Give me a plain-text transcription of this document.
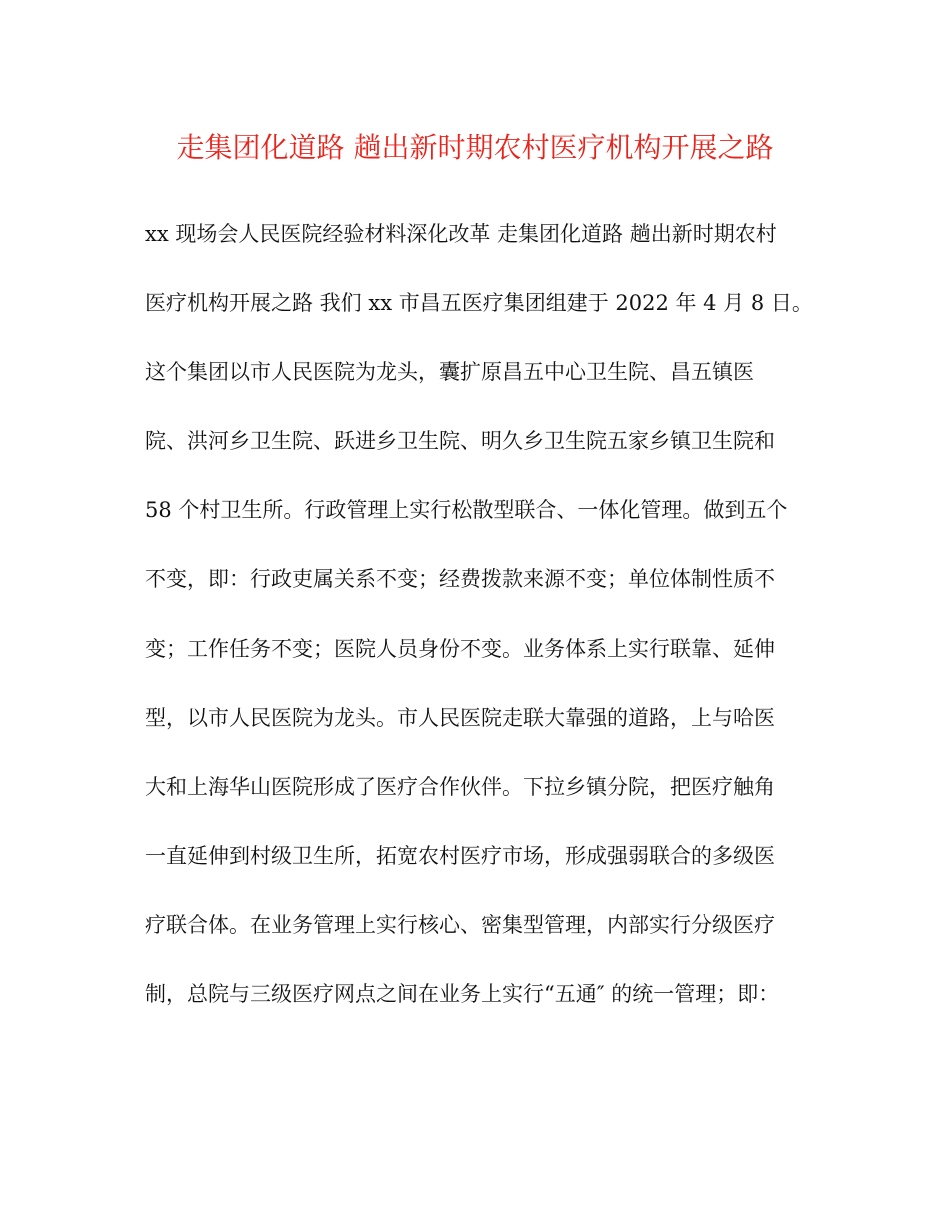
走集团化道路 趟出新时期农村医疗机构开展之路
xx 现场会人民医院经验材料深化改革 走集团化道路 趟出新时期农村
医疗机构开展之路 我们 xx 市昌五医疗集团组建于 2022 年 4 月 8 日。
这个集团以市人民医院为龙头，囊扩原昌五中心卫生院、昌五镇医
院、洪河乡卫生院、跃进乡卫生院、明久乡卫生院五家乡镇卫生院和
58 个村卫生所。行政管理上实行松散型联合、一体化管理。做到五个
不变，即：行政吏属关系不变；经费拨款来源不变；单位体制性质不
变；工作任务不变；医院人员身份不变。业务体系上实行联靠、延伸
型，以市人民医院为龙头。市人民医院走联大靠强的道路，上与哈医
大和上海华山医院形成了医疗合作伙伴。下拉乡镇分院，把医疗触角
一直延伸到村级卫生所，拓宽农村医疗市场，形成强弱联合的多级医
疗联合体。在业务管理上实行核心、密集型管理，内部实行分级医疗
制，总院与三级医疗网点之间在业务上实行“五通″ 的统一管理；即：
